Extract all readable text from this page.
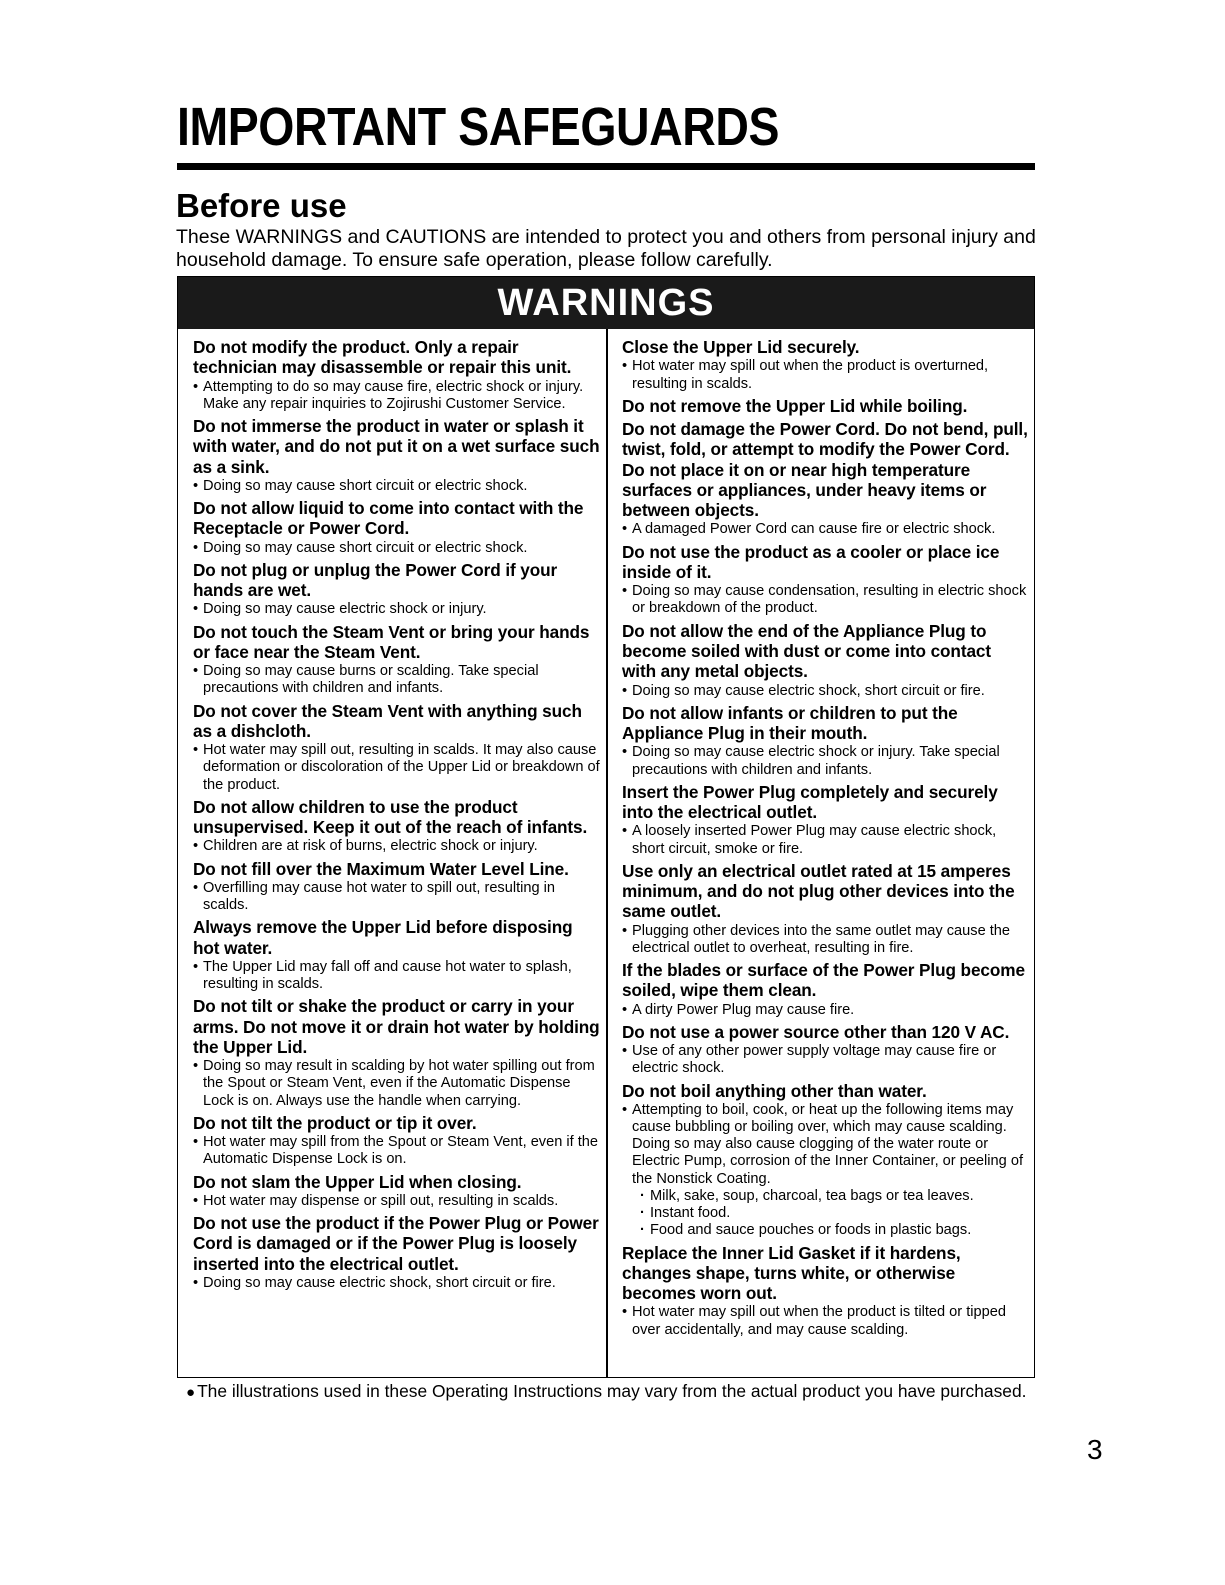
IMPORTANT SAFEGUARDS
Before use

These WARNINGS and CAUTIONS are intended to protect you and others from personal injury and household damage. To ensure safe operation, please follow carefully.

WARNINGS

Do not modify the product. Only a repair technician may disassemble or repair this unit.

• Attempting to do so may cause fire, electric shock or injury. Make any repair inquiries to Zojirushi Customer Service.

Do not immerse the product in water or splash it with water, and do not put it on a wet surface such as a sink.

• Doing so may cause short circuit or electric shock.

Do not allow liquid to come into contact with the Receptacle or Power Cord.

• Doing so may cause short circuit or electric shock.

Do not plug or unplug the Power Cord if your hands are wet.

• Doing so may cause electric shock or injury.

Do not touch the Steam Vent or bring your hands or face near the Steam Vent.

• Doing so may cause burns or scalding. Take special precautions with children and infants.

Do not cover the Steam Vent with anything such as a dishcloth.

• Hot water may spill out, resulting in scalds. It may also cause deformation or discoloration of the Upper Lid or breakdown of the product.

Do not allow children to use the product unsupervised. Keep it out of the reach of infants.

• Children are at risk of burns, electric shock or injury.

Do not fill over the Maximum Water Level Line.

• Overfilling may cause hot water to spill out, resulting in scalds.

Always remove the Upper Lid before disposing hot water.

• The Upper Lid may fall off and cause hot water to splash, resulting in scalds.

Do not tilt or shake the product or carry in your arms. Do not move it or drain hot water by holding the Upper Lid.

• Doing so may result in scalding by hot water spilling out from the Spout or Steam Vent, even if the Automatic Dispense Lock is on. Always use the handle when carrying.

Do not tilt the product or tip it over.

• Hot water may spill from the Spout or Steam Vent, even if the Automatic Dispense Lock is on.

Do not slam the Upper Lid when closing.

• Hot water may dispense or spill out, resulting in scalds.

Do not use the product if the Power Plug or Power Cord is damaged or if the Power Plug is loosely inserted into the electrical outlet.

• Doing so may cause electric shock, short circuit or fire.

Close the Upper Lid securely.

• Hot water may spill out when the product is overturned, resulting in scalds.

Do not remove the Upper Lid while boiling.

Do not damage the Power Cord. Do not bend, pull, twist, fold, or attempt to modify the Power Cord. Do not place it on or near high temperature surfaces or appliances, under heavy items or between objects.

• A damaged Power Cord can cause fire or electric shock.

Do not use the product as a cooler or place ice inside of it.

• Doing so may cause condensation, resulting in electric shock or breakdown of the product.

Do not allow the end of the Appliance Plug to become soiled with dust or come into contact with any metal objects.

• Doing so may cause electric shock, short circuit or fire.

Do not allow infants or children to put the Appliance Plug in their mouth.

• Doing so may cause electric shock or injury. Take special precautions with children and infants.

Insert the Power Plug completely and securely into the electrical outlet.

• A loosely inserted Power Plug may cause electric shock, short circuit, smoke or fire.

Use only an electrical outlet rated at 15 amperes minimum, and do not plug other devices into the same outlet.

• Plugging other devices into the same outlet may cause the electrical outlet to overheat, resulting in fire.

If the blades or surface of the Power Plug become soiled, wipe them clean.

• A dirty Power Plug may cause fire.

Do not use a power source other than 120 V AC.

• Use of any other power supply voltage may cause fire or electric shock.

Do not boil anything other than water.

• Attempting to boil, cook, or heat up the following items may cause bubbling or boiling over, which may cause scalding. Doing so may also cause clogging of the water route or Electric Pump, corrosion of the Inner Container, or peeling of the Nonstick Coating.

· Milk, sake, soup, charcoal, tea bags or tea leaves.

· Instant food.

· Food and sauce pouches or foods in plastic bags.

Replace the Inner Lid Gasket if it hardens, changes shape, turns white, or otherwise becomes worn out.

• Hot water may spill out when the product is tilted or tipped over accidentally, and may cause scalding.

● The illustrations used in these Operating Instructions may vary from the actual product you have purchased.

3
